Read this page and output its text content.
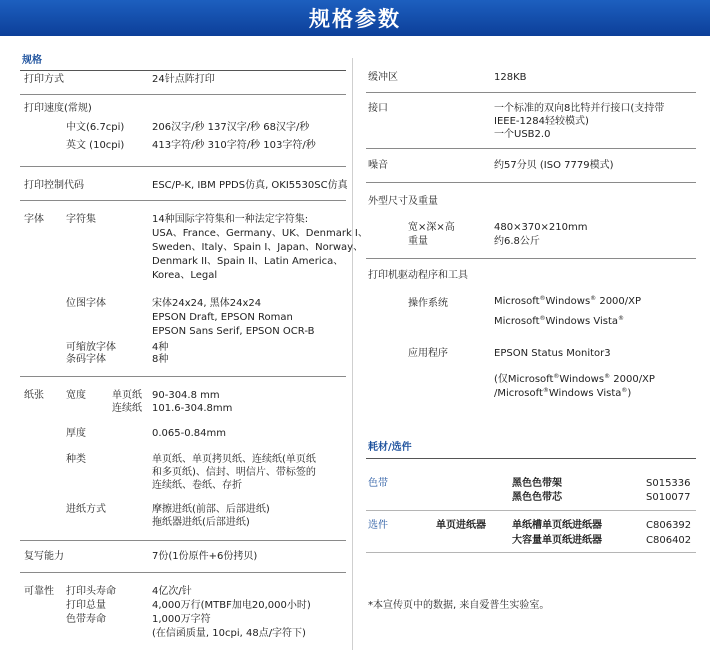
规格参数
规格
打印方式	24针点阵打印
打印速度(常规)
中文(6.7cpi)	206汉字/秒 137汉字/秒 68汉字/秒
英文 (10cpi)	413字符/秒 310字符/秒 103字符/秒
打印控制代码	ESC/P-K, IBM PPDS仿真, OKI5530SC仿真
字体 字符集	14种国际字符集和一种法定字符集:
USA、France、Germany、UK、Denmark I、
Sweden、Italy、Spain I、Japan、Norway、
Denmark II、Spain II、Latin America、
Korea、Legal
位图字体	宋体24x24, 黑体24x24
EPSON Draft, EPSON Roman
EPSON Sans Serif, EPSON OCR-B
可缩放字体	4种
条码字体	8种
纸张 宽度	单页纸 90-304.8 mm
连续纸 101.6-304.8mm
厚度	0.065-0.84mm
种类	单页纸、单页拷贝纸、连续纸(单页纸
和多页纸)、信封、明信片、带标签的
连续纸、卷纸、存折
进纸方式	摩擦进纸(前部、后部进纸)
拖纸器进纸(后部进纸)
复写能力	7份(1份原件+6份拷贝)
可靠性 打印头寿命	4亿次/针
打印总量	4,000万行(MTBF加电20,000小时)
色带寿命	1,000万字符
(在信函质量, 10cpi, 48点/字符下)
缓冲区	128KB
接口	一个标准的双向8比特并行接口(支持带
IEEE-1284轻较模式)
一个USB2.0
噪音	约57分贝 (ISO 7779模式)
外型尺寸及重量
宽×深×高	480×370×210mm
重量	约6.8公斤
打印机驱动程序和工具
操作系统	Microsoft®Windows® 2000/XP
Microsoft®Windows Vista®
应用程序	EPSON Status Monitor3
(仅Microsoft®Windows® 2000/XP
/Microsoft®Windows Vista®)
耗材/选件
色带	黑色色带架	S015336
黑色色带芯	S010077
选件	单页进纸器	单纸槽单页纸进纸器	C806392
大容量单页纸进纸器	C806402
*本宣传页中的数据, 来自爱普生实验室。
